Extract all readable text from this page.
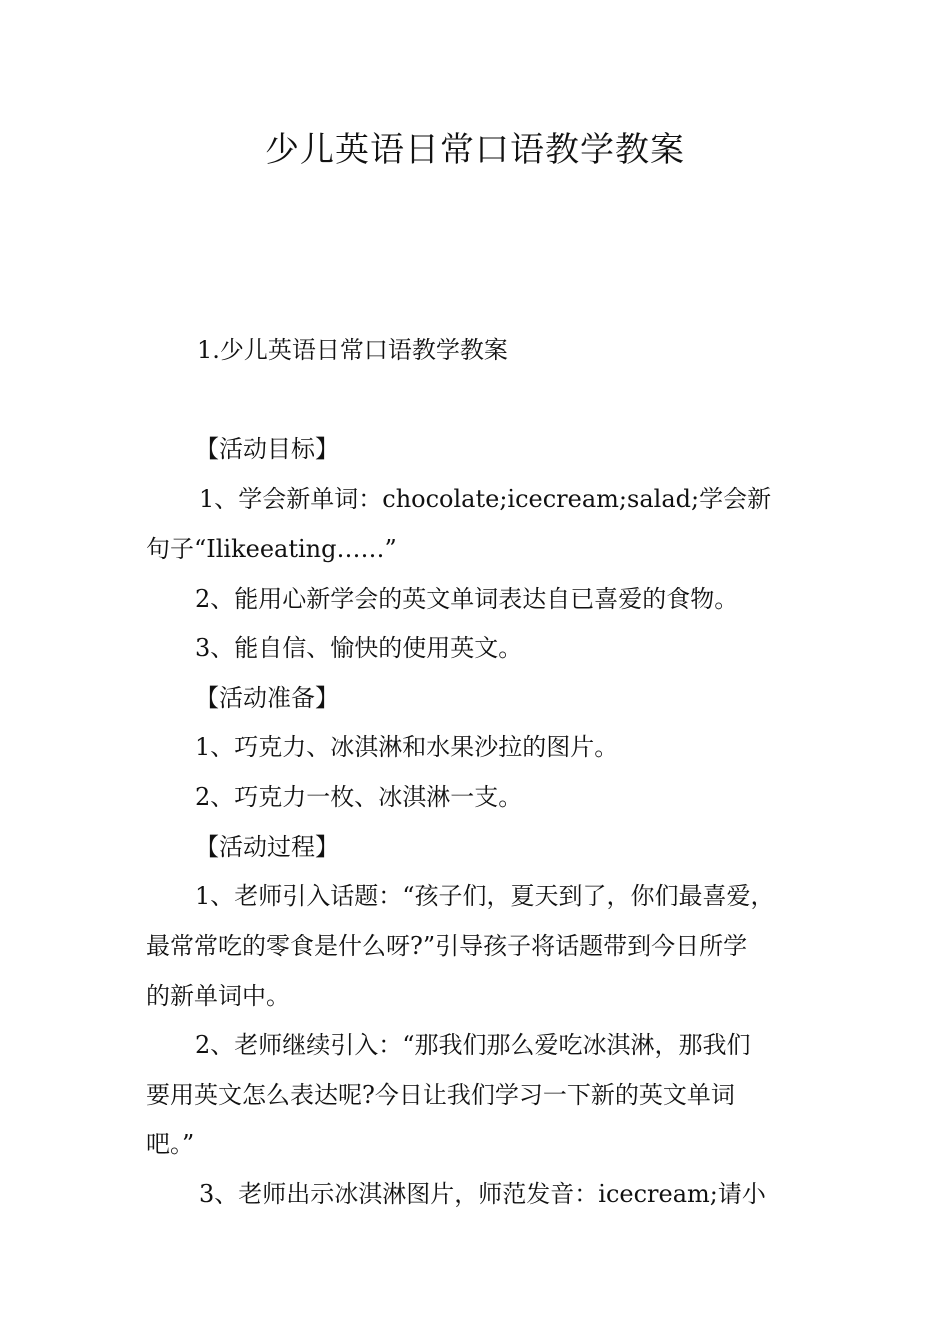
少儿英语日常口语教学教案

1.少儿英语日常口语教学教案

【活动目标】

1、学会新单词：chocolate;icecream;salad;学会新

句子“Ilikeeating……”

2、能用心新学会的英文单词表达自已喜爱的食物。

3、能自信、愉快的使用英文。

【活动准备】

1、巧克力、冰淇淋和水果沙拉的图片。

2、巧克力一枚、冰淇淋一支。

【活动过程】

1、老师引入话题：“孩子们，夏天到了，你们最喜爱，

最常常吃的零食是什么呀?”引导孩子将话题带到今日所学

的新单词中。

2、老师继续引入：“那我们那么爱吃冰淇淋，那我们

要用英文怎么表达呢?今日让我们学习一下新的英文单词

吧。”

3、老师出示冰淇淋图片，师范发音：icecream;请小
